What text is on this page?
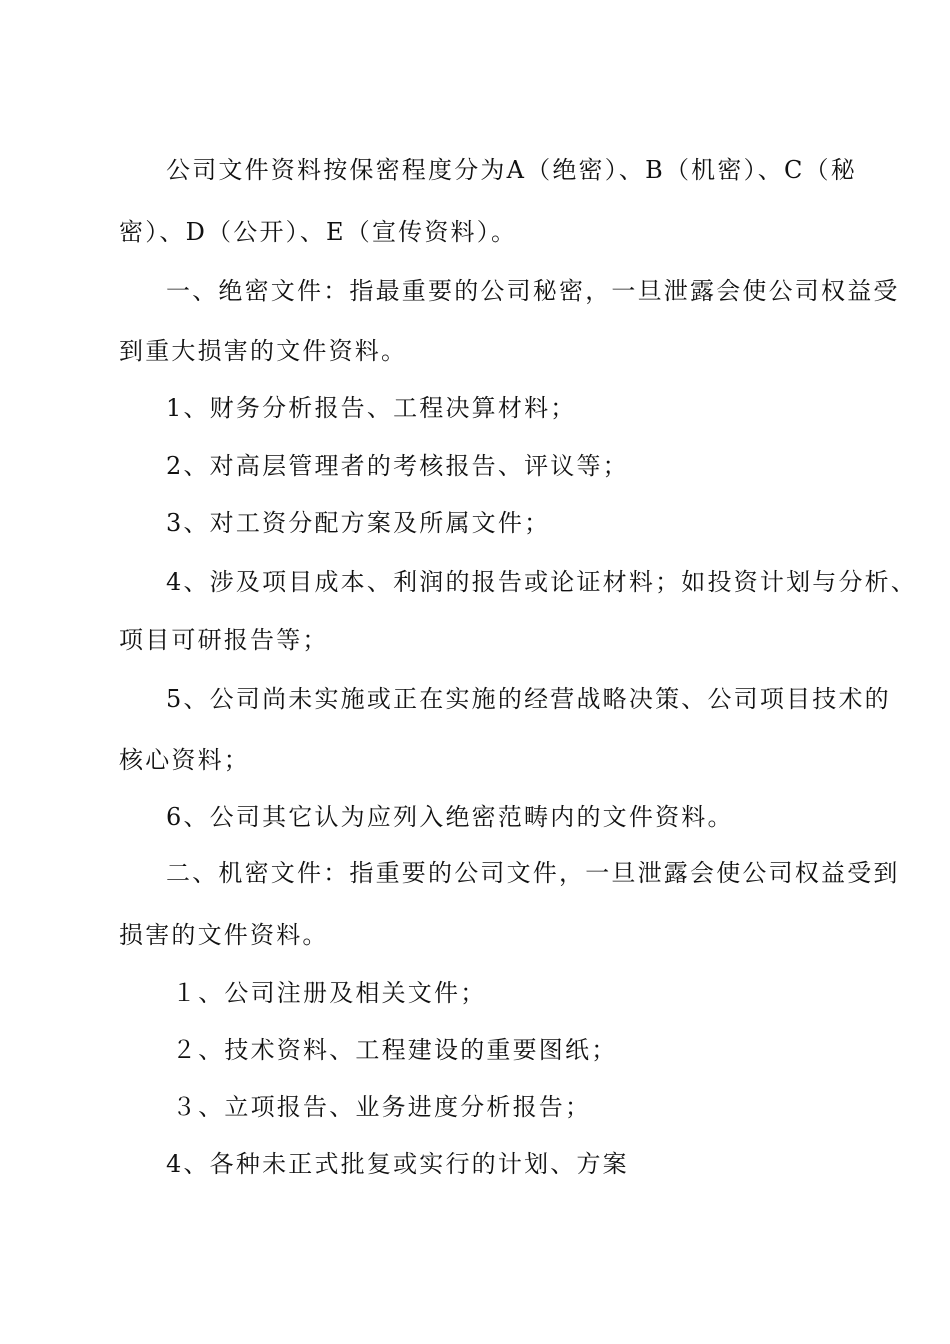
公司文件资料按保密程度分为A（绝密）、B（机密）、C（秘
密）、D（公开）、E（宣传资料）。
一、绝密文件：指最重要的公司秘密，一旦泄露会使公司权益受
到重大损害的文件资料。
1、财务分析报告、工程决算材料；
2、对高层管理者的考核报告、评议等；
3、对工资分配方案及所属文件；
4、涉及项目成本、利润的报告或论证材料；如投资计划与分析、
项目可研报告等；
5、公司尚未实施或正在实施的经营战略决策、公司项目技术的
核心资料；
6、公司其它认为应列入绝密范畴内的文件资料。
二、机密文件：指重要的公司文件，一旦泄露会使公司权益受到
损害的文件资料。
１、公司注册及相关文件；
２、技术资料、工程建设的重要图纸；
３、立项报告、业务进度分析报告；
4、各种未正式批复或实行的计划、方案
